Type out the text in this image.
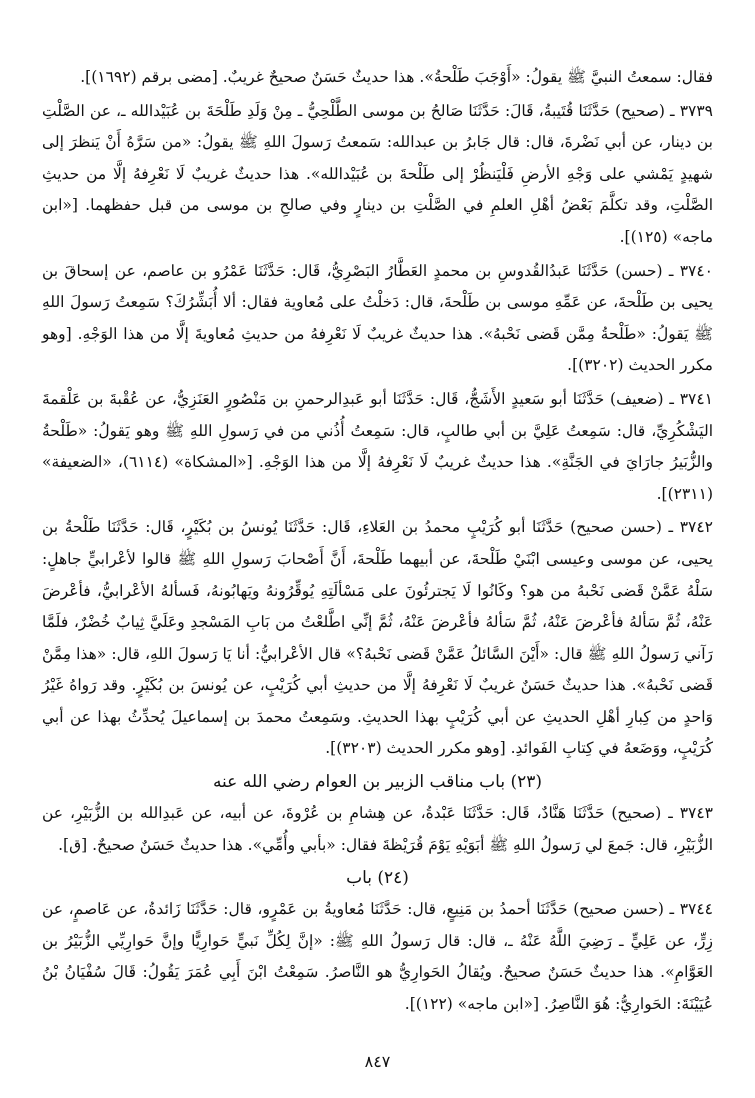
فقال: سمعتُ النبيَّ ﷺ يقولُ: «أَوْجَبَ طَلْحةُ». هذا حديثٌ حَسَنٌ صحيحٌ غريبٌ. [مضى برقم (١٦٩٢)].

٣٧٣٩ ـ (صحيح) حَدَّثَنَا قُتَيبةُ، قَالَ: حَدَّثَنَا صَالحُ بن موسى الطَّلْحِيُّ ـ مِنْ وَلَدِ طَلْحَةَ بن عُبَيْدالله ـ، عن الصَّلْتِ بن دينار، عن أبي نَضْرةَ، قال: قال جَابرُ بن عبدالله: سَمعتُ رَسولَ اللهِ ﷺ يقولُ: «من سَرَّهُ أَنْ يَنظرَ إلى شهيدٍ يَمْشي على وَجْهِ الأرضِ فَلْيَنظُرْ إلى طَلْحةَ بن عُبَيْدالله». هذا حديثٌ غريبٌ لَا نَعْرِفهُ إلَّا من حديثِ الصَّلْتِ، وقد تكلَّمَ بَعْضُ أهْلِ العلمِ في الصَّلْتِ بن دينارٍ وفي صالحِ بن موسى من قبل حفظهما. [«ابن ماجه» (١٢٥)].

٣٧٤٠ ـ (حسن) حَدَّثَنَا عَبدُالقُدوسِ بن محمدٍ العَطَّارُ البَصْرِيُّ، قَال: حَدَّثَنَا عَمْرُو بن عاصم، عن إسحاقَ بن يحيى بن طَلْحةَ، عن عَمِّهِ موسى بن طَلْحةَ، قال: دَخلْتُ على مُعاوية فقال: ألا أُبَشِّرُكَ؟ سَمِعتُ رَسولَ اللهِ ﷺ يَقولُ: «طَلْحةُ مِمَّن قَضى نَحْبهُ». هذا حديثٌ غريبٌ لَا نَعْرِفهُ من حديثِ مُعاويةَ إلَّا من هذا الوَجْهِ. [وهو مكرر الحديث (٣٢٠٢)].

٣٧٤١ ـ (ضعيف) حَدَّثَنَا أبو سَعيدٍ الأَشَجُّ، قَال: حَدَّثَنَا أبو عَبدِالرحمنِ بن مَنْصُورٍ العَنَزِيُّ، عن عُقْبةَ بن عَلْقمةَ اليَشْكُرِيِّ، قال: سَمِعتُ عَلِيَّ بن أبي طالبٍ، قال: سَمِعتُ أُذُني من في رَسولِ اللهِ ﷺ وهو يَقولُ: «طَلْحةُ والزُّبَيرُ جارَايَ في الجَنَّةِ». هذا حديثٌ غريبٌ لَا نَعْرِفهُ إلَّا من هذا الوَجْهِ. [«المشكاة» (٦١١٤)، «الضعيفة» (٢٣١١)].

٣٧٤٢ ـ (حسن صحيح) حَدَّثَنَا أبو كُرَيْبٍ محمدُ بن العَلاءِ، قَال: حَدَّثَنَا يُونسُ بن بُكَيْرٍ، قَال: حَدَّثَنَا طَلْحةُ بن يحيى، عن موسى وعيسى ابْنَيْ طَلْحةَ، عن أبيهما طَلْحةَ، أَنَّ أَصْحابَ رَسولِ اللهِ ﷺ قالوا لأعْرابيٍّ جاهلٍ: سَلْهُ عَمَّنْ قَضى نَحْبهُ من هو؟ وكَانُوا لَا يَجترئُونَ على مَسْألَتِهِ يُوقِّرُونهُ ويَهابُونهُ، فَسألهُ الأعْرابيُّ، فأعْرضَ عَنْهُ، ثُمَّ سَألهُ فأعْرضَ عَنْهُ، ثُمَّ سَألهُ فأعْرضَ عَنْهُ، ثُمَّ إنِّي اطَّلعْتُ من بَابِ المَسْجدِ وعَلَيَّ ثِيابٌ خُضْرٌ، فلَمَّا رَآني رَسولُ اللهِ ﷺ قال: «أَيْنَ السَّائلُ عَمَّنْ قَضى نَحْبهُ؟» قال الأعْرابيُّ: أنا يَا رَسولَ اللهِ، قال: «هذا مِمَّنْ قَضى نَحْبهُ». هذا حديثٌ حَسَنٌ غريبٌ لَا نَعْرِفهُ إلَّا من حديثِ أبي كُرَيْبٍ، عن يُونسَ بن بُكَيْرٍ. وقد رَواهُ غَيْرُ وَاحدٍ من كِبارِ أهْلِ الحديثِ عن أبي كُرَيْبٍ بهذا الحديثِ. وسَمِعتُ محمدَ بن إسماعيلَ يُحدِّثُ بهذا عن أبي كُرَيْبٍ، ووَضَعهُ في كِتابِ الفَوائدِ. [وهو مكرر الحديث (٣٢٠٣)].

(٢٣) باب مناقب الزبير بن العوام رضي الله عنه

٣٧٤٣ ـ (صحيح) حَدَّثَنَا هَنَّادٌ، قَال: حَدَّثَنَا عَبْدةُ، عن هِشامِ بن عُرْوةَ، عن أبيه، عن عَبدِالله بن الزُّبَيْرِ، عن الزُّبَيْرِ، قال: جَمعَ لي رَسولُ اللهِ ﷺ أبَوَيْهِ يَوْمَ قُرَيْظةَ فقال: «بأبي وأُمِّي». هذا حديثٌ حَسَنٌ صحيحٌ. [ق].

(٢٤) باب

٣٧٤٤ ـ (حسن صحيح) حَدَّثَنَا أحمدُ بن مَنِيعٍ، قال: حَدَّثَنَا مُعاويةُ بن عَمْرٍو، قال: حَدَّثَنَا زَائدةُ، عن عَاصمٍ، عن زِرٍّ، عن عَلِيٍّ ـ رَضِيَ اللَّهُ عَنْهُ ـ، قال: قال رَسولُ اللهِ ﷺ: «إنَّ لِكُلِّ نَبيٍّ حَوارِيًّا وإنَّ حَوارِيِّي الزُّبَيْرُ بن العَوَّامِ». هذا حديثٌ حَسَنٌ صحيحٌ. ويُقالُ الحَوارِيُّ هو النَّاصرُ. سَمِعْتُ ابْنَ أَبِي عُمَرَ يَقُولُ: قَالَ سُفْيَانُ بْنُ عُيَيْنَةَ: الحَوارِيُّ: هُوَ النَّاصِرُ. [«ابن ماجه» (١٢٢)].

٨٤٧
